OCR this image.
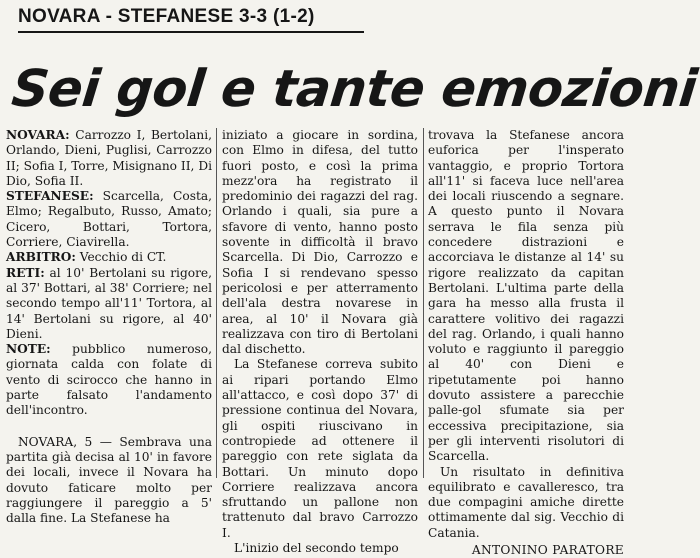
NOVARA - STEFANESE 3-3 (1-2)
Sei gol e tante emozioni

NOVARA: Carrozzo I, Bertolani, Orlando, Dieni, Puglisi, Carrozzo II; Sofia I, Torre, Misignano II, Di Dio, Sofia II.

STEFANESE: Scarcella, Costa, Elmo; Regalbuto, Russo, Amato; Cicero, Bottari, Tortora, Corriere, Ciavirella.

ARBITRO: Vecchio di CT.

RETI: al 10' Bertolani su rigore, al 37' Bottari, al 38' Corriere; nel secondo tempo all'11' Tortora, al 14' Bertolani su rigore, al 40' Dieni.

NOTE: pubblico numeroso, giornata calda con folate di vento di scirocco che hanno in parte falsato l'andamento dell'incontro.

NOVARA, 5 — Sembrava una partita già decisa al 10' in favore dei locali, invece il Novara ha dovuto faticare molto per raggiungere il pareggio a 5' dalla fine. La Stefanese ha

iniziato a giocare in sordina, con Elmo in difesa, del tutto fuori posto, e così la prima mezz'ora ha registrato il predominio dei ragazzi del rag. Orlando i quali, sia pure a sfavore di vento, hanno posto sovente in difficoltà il bravo Scarcella. Di Dio, Carrozzo e Sofia I si rendevano spesso pericolosi e per atterramento dell'ala destra novarese in area, al 10' il Novara già realizzava con tiro di Bertolani dal dischetto.

La Stefanese correva subito ai ripari portando Elmo all'attacco, e così dopo 37' di pressione continua del Novara, gli ospiti riuscivano in contropiede ad ottenere il pareggio con rete siglata da Bottari. Un minuto dopo Corriere realizzava ancora sfruttando un pallone non trattenuto dal bravo Carrozzo I.

L'inizio del secondo tempo

trovava la Stefanese ancora euforica per l'insperato vantaggio, e proprio Tortora all'11' si faceva luce nell'area dei locali riuscendo a segnare. A questo punto il Novara serrava le fila senza più concedere distrazioni e accorciava le distanze al 14' su rigore realizzato da capitan Bertolani. L'ultima parte della gara ha messo alla frusta il carattere volitivo dei ragazzi del rag. Orlando, i quali hanno voluto e raggiunto il pareggio al 40' con Dieni e ripetutamente poi hanno dovuto assistere a parecchie palle-gol sfumate sia per eccessiva precipitazione, sia per gli interventi risolutori di Scarcella.

Un risultato in definitiva equilibrato e cavalleresco, tra due compagini amiche dirette ottimamente dal sig. Vecchio di Catania.

ANTONINO PARATORE
